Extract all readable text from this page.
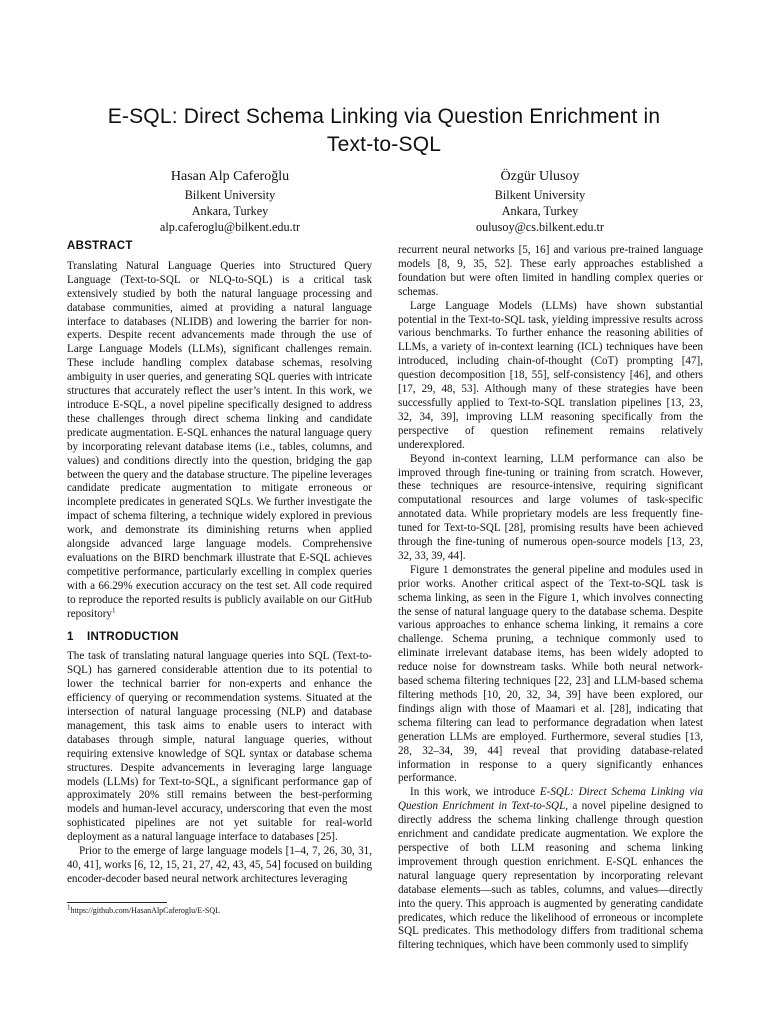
E-SQL: Direct Schema Linking via Question Enrichment in
Text-to-SQL
Hasan Alp Caferoğlu
Bilkent University
Ankara, Turkey
alp.caferoglu@bilkent.edu.tr
Özgür Ulusoy
Bilkent University
Ankara, Turkey
oulusoy@cs.bilkent.edu.tr
ABSTRACT

Translating Natural Language Queries into Structured Query Language (Text-to-SQL or NLQ-to-SQL) is a critical task extensively studied by both the natural language processing and database communities, aimed at providing a natural language interface to databases (NLIDB) and lowering the barrier for non-experts. Despite recent advancements made through the use of Large Language Models (LLMs), significant challenges remain. These include handling complex database schemas, resolving ambiguity in user queries, and generating SQL queries with intricate structures that accurately reflect the user’s intent. In this work, we introduce E-SQL, a novel pipeline specifically designed to address these challenges through direct schema linking and candidate predicate augmentation. E-SQL enhances the natural language query by incorporating relevant database items (i.e., tables, columns, and values) and conditions directly into the question, bridging the gap between the query and the database structure. The pipeline leverages candidate predicate augmentation to mitigate erroneous or incomplete predicates in generated SQLs. We further investigate the impact of schema filtering, a technique widely explored in previous work, and demonstrate its diminishing returns when applied alongside advanced large language models. Comprehensive evaluations on the BIRD benchmark illustrate that E-SQL achieves competitive performance, particularly excelling in complex queries with a 66.29% execution accuracy on the test set. All code required to reproduce the reported results is publicly available on our GitHub repository$^1$

1 INTRODUCTION

The task of translating natural language queries into SQL (Text-to-SQL) has garnered considerable attention due to its potential to lower the technical barrier for non-experts and enhance the efficiency of querying or recommendation systems. Situated at the intersection of natural language processing (NLP) and database management, this task aims to enable users to interact with databases through simple, natural language queries, without requiring extensive knowledge of SQL syntax or database schema structures. Despite advancements in leveraging large language models (LLMs) for Text-to-SQL, a significant performance gap of approximately 20% still remains between the best-performing models and human-level accuracy, underscoring that even the most sophisticated pipelines are not yet suitable for real-world deployment as a natural language interface to databases [25].

Prior to the emerge of large language models [1–4, 7, 26, 30, 31, 40, 41], works [6, 12, 15, 21, 27, 42, 43, 45, 54] focused on building encoder-decoder based neural network architectures leveraging

recurrent neural networks [5, 16] and various pre-trained language models [8, 9, 35, 52]. These early approaches established a foundation but were often limited in handling complex queries or schemas.

Large Language Models (LLMs) have shown substantial potential in the Text-to-SQL task, yielding impressive results across various benchmarks. To further enhance the reasoning abilities of LLMs, a variety of in-context learning (ICL) techniques have been introduced, including chain-of-thought (CoT) prompting [47], question decomposition [18, 55], self-consistency [46], and others [17, 29, 48, 53]. Although many of these strategies have been successfully applied to Text-to-SQL translation pipelines [13, 23, 32, 34, 39], improving LLM reasoning specifically from the perspective of question refinement remains relatively underexplored.

Beyond in-context learning, LLM performance can also be improved through fine-tuning or training from scratch. However, these techniques are resource-intensive, requiring significant computational resources and large volumes of task-specific annotated data. While proprietary models are less frequently fine-tuned for Text-to-SQL [28], promising results have been achieved through the fine-tuning of numerous open-source models [13, 23, 32, 33, 39, 44].

Figure 1 demonstrates the general pipeline and modules used in prior works. Another critical aspect of the Text-to-SQL task is schema linking, as seen in the Figure 1, which involves connecting the sense of natural language query to the database schema. Despite various approaches to enhance schema linking, it remains a core challenge. Schema pruning, a technique commonly used to eliminate irrelevant database items, has been widely adopted to reduce noise for downstream tasks. While both neural network-based schema filtering techniques [22, 23] and LLM-based schema filtering methods [10, 20, 32, 34, 39] have been explored, our findings align with those of Maamari et al. [28], indicating that schema filtering can lead to performance degradation when latest generation LLMs are employed. Furthermore, several studies [13, 28, 32–34, 39, 44] reveal that providing database-related information in response to a query significantly enhances performance.

In this work, we introduce E-SQL: Direct Schema Linking via Question Enrichment in Text-to-SQL, a novel pipeline designed to directly address the schema linking challenge through question enrichment and candidate predicate augmentation. We explore the perspective of both LLM reasoning and schema linking improvement through question enrichment. E-SQL enhances the natural language query representation by incorporating relevant database elements—such as tables, columns, and values—directly into the query. This approach is augmented by generating candidate predicates, which reduce the likelihood of erroneous or incomplete SQL predicates. This methodology differs from traditional schema filtering techniques, which have been commonly used to simplify

$^1$https://github.com/HasanAlpCaferoglu/E-SQL
